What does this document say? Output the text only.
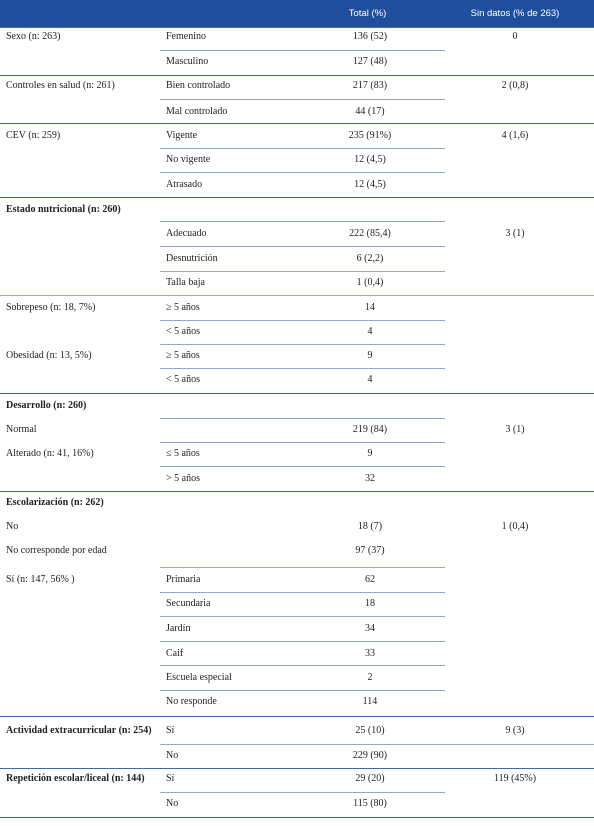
Total (%)	Sin datos (% de 263)
Sexo (n: 263)	Femenino	136 (52)	0
Masculino	127 (48)
Controles en salud (n: 261)	Bien controlado	217 (83)	2 (0,8)
Mal controlado	44 (17)
CEV (n: 259)	Vigente	235 (91%)	4 (1,6)
No vigente	12 (4,5)
Atrasado	12 (4,5)
Estado nutricional (n: 260)
Adecuado	222 (85,4)	3 (1)
Desnutrición	6 (2,2)
Talla baja	1 (0,4)
Sobrepeso (n: 18, 7%)	≥ 5 años	14
< 5 años	4
Obesidad (n: 13, 5%)	≥ 5 años	9
< 5 años	4
Desarrollo (n: 260)
Normal	219 (84)	3 (1)
Alterado (n: 41, 16%)	≤ 5 años	9
> 5 años	32
Escolarización (n: 262)
No	18 (7)	1 (0,4)
No corresponde por edad	97 (37)
Sí (n: 147, 56% )	Primaria	62
Secundaria	18
Jardín	34
Caif	33
Escuela especial	2
No responde	114
Actividad extracurricular (n: 254) Sí	25 (10)	9 (3)
No	229 (90)
Repetición escolar/liceal (n: 144) Sí	29 (20)	119 (45%)
No	115 (80)
